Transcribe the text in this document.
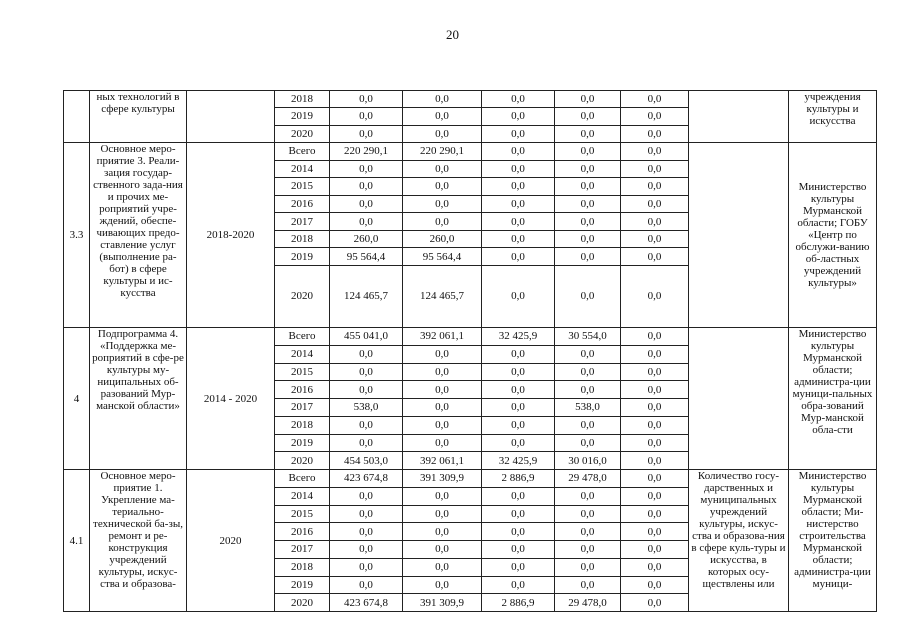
20

	ных технологий в сфере культуры		2018	0,0	0,0	0,0	0,0	0,0		учреждения культуры и искусства

			2019	0,0	0,0	0,0	0,0	0,0		
			2020	0,0	0,0	0,0	0,0	0,0		
3.3	Основное меро-приятие 3. Реали-зация государ-ственного зада-ния и прочих ме-роприятий учре-ждений, обеспе-чивающих предо-ставление услуг (выполнение ра-бот) в сфере культуры и ис-кусства	2018-2020	Всего	220 290,1	220 290,1	0,0	0,0	0,0		Министерство культуры Мурманской области; ГОБУ «Центр по обслужи-ванию об-ластных учреждений культуры»

			2014	0,0	0,0	0,0	0,0	0,0		
			2015	0,0	0,0	0,0	0,0	0,0		
			2016	0,0	0,0	0,0	0,0	0,0		
			2017	0,0	0,0	0,0	0,0	0,0		
			2018	260,0	260,0	0,0	0,0	0,0		
			2019	95 564,4	95 564,4	0,0	0,0	0,0		
			2020	124 465,7	124 465,7	0,0	0,0	0,0		
4	Подпрограмма 4. «Поддержка ме-роприятий в сфе-ре культуры му-ниципальных об-разований Мур-манской области»	2014 - 2020	Всего	455 041,0	392 061,1	32 425,9	30 554,0	0,0		Министерство культуры Мурманской области; администра-ции муници-пальных обра-зований Мур-манской обла-сти

			2014	0,0	0,0	0,0	0,0	0,0		
			2015	0,0	0,0	0,0	0,0	0,0		
			2016	0,0	0,0	0,0	0,0	0,0		
			2017	538,0	0,0	0,0	538,0	0,0		
			2018	0,0	0,0	0,0	0,0	0,0		
			2019	0,0	0,0	0,0	0,0	0,0		
			2020	454 503,0	392 061,1	32 425,9	30 016,0	0,0		
4.1	Основное меро-приятие 1. Укрепление ма-териально-технической ба-зы, ремонт и ре-конструкция учреждений культуры, искус-ства и образова-	2020	Всего	423 674,8	391 309,9	2 886,9	29 478,0	0,0	Количество госу-дарственных и муниципальных учреждений культуры, искус-ства и образова-ния в сфере куль-туры и искусства, в которых осу-ществлены или	Министерство культуры Мурманской области; Ми-нистерство строительства Мурманской области; админиcтра-ции муници-

			2014	0,0	0,0	0,0	0,0	0,0		
			2015	0,0	0,0	0,0	0,0	0,0		
			2016	0,0	0,0	0,0	0,0	0,0		
			2017	0,0	0,0	0,0	0,0	0,0		
			2018	0,0	0,0	0,0	0,0	0,0		
			2019	0,0	0,0	0,0	0,0	0,0		
			2020	423 674,8	391 309,9	2 886,9	29 478,0	0,0		
